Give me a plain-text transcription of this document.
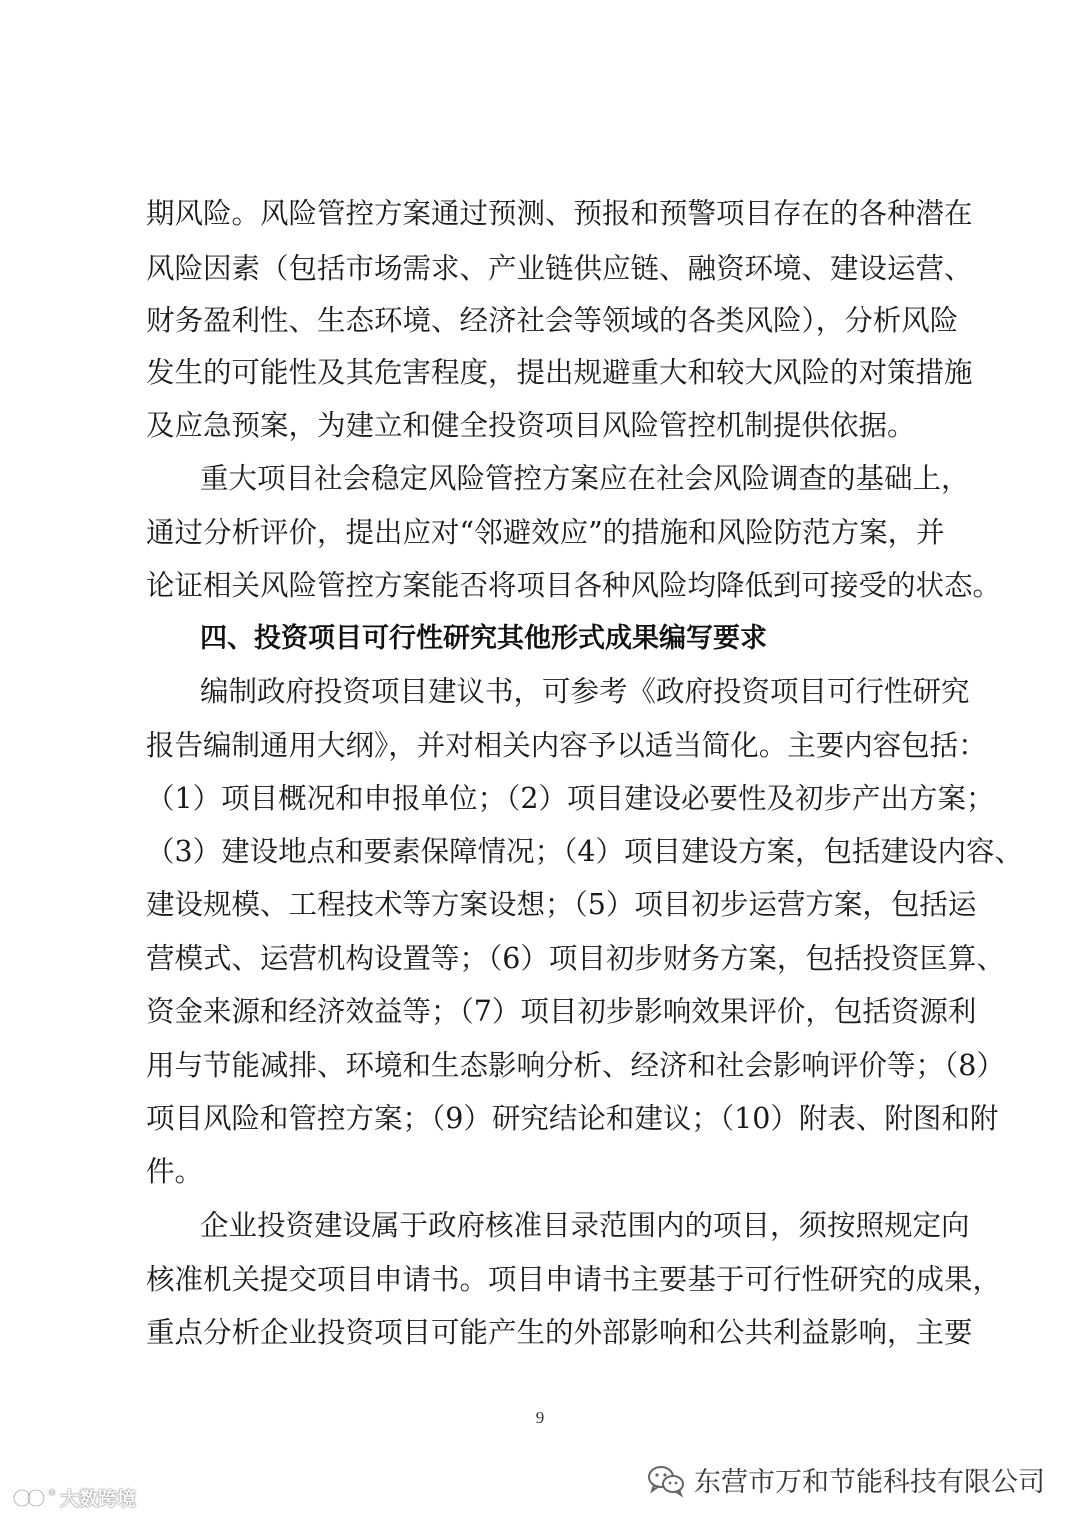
期风险。风险管控方案通过预测、预报和预警项目存在的各种潜在
风险因素（包括市场需求、产业链供应链、融资环境、建设运营、
财务盈利性、生态环境、经济社会等领域的各类风险），分析风险
发生的可能性及其危害程度，提出规避重大和较大风险的对策措施
及应急预案，为建立和健全投资项目风险管控机制提供依据。
重大项目社会稳定风险管控方案应在社会风险调查的基础上，
通过分析评价，提出应对“邻避效应”的措施和风险防范方案，并
论证相关风险管控方案能否将项目各种风险均降低到可接受的状态。
四、投资项目可行性研究其他形式成果编写要求
编制政府投资项目建议书，可参考《政府投资项目可行性研究
报告编制通用大纲》，并对相关内容予以适当简化。主要内容包括：
（1）项目概况和申报单位；（2）项目建设必要性及初步产出方案；
（3）建设地点和要素保障情况；（4）项目建设方案，包括建设内容、
建设规模、工程技术等方案设想；（5）项目初步运营方案，包括运
营模式、运营机构设置等；（6）项目初步财务方案，包括投资匡算、
资金来源和经济效益等；（7）项目初步影响效果评价，包括资源利
用与节能减排、环境和生态影响分析、经济和社会影响评价等；（8）
项目风险和管控方案；（9）研究结论和建议；（10）附表、附图和附
件。
企业投资建设属于政府核准目录范围内的项目，须按照规定向
核准机关提交项目申请书。项目申请书主要基于可行性研究的成果，
重点分析企业投资项目可能产生的外部影响和公共利益影响，主要
9
® 大数跨境
东营市万和节能科技有限公司
